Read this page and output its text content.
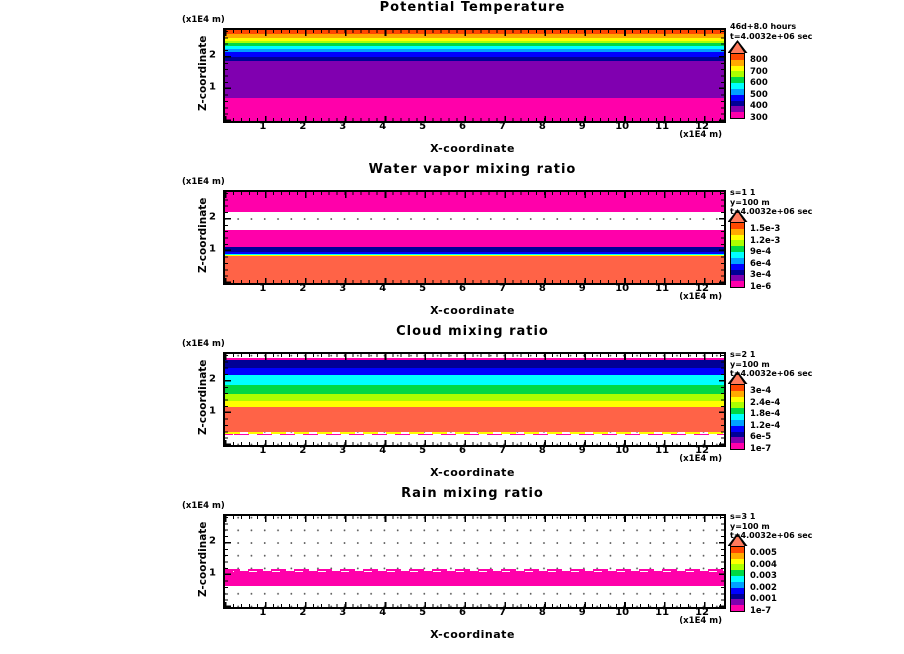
Potential Temperature
(x1E4 m)
Z-coordinate
1	2	3	4	5	6	7	8	9	10	11	12
1
2
(x1E4 m)
X-coordinate
46d+8.0 hours
t=4.0032e+06 sec
800
700
600
500
400
300
Water vapor mixing ratio
(x1E4 m)
Z-coordinate
1	2	3	4	5	6	7	8	9	10	11	12
1
2
(x1E4 m)
X-coordinate
s=1 1
y=100 m
t=4.0032e+06 sec
1.5e-3
1.2e-3
9e-4
6e-4
3e-4
1e-6
Cloud mixing ratio
(x1E4 m)
Z-coordinate
1	2	3	4	5	6	7	8	9	10	11	12
1
2
(x1E4 m)
X-coordinate
s=2 1
y=100 m
t=4.0032e+06 sec
3e-4
2.4e-4
1.8e-4
1.2e-4
6e-5
1e-7
Rain mixing ratio
(x1E4 m)
Z-coordinate
1	2	3	4	5	6	7	8	9	10	11	12
1
2
(x1E4 m)
X-coordinate
s=3 1
y=100 m
t=4.0032e+06 sec
0.005
0.004
0.003
0.002
0.001
1e-7
